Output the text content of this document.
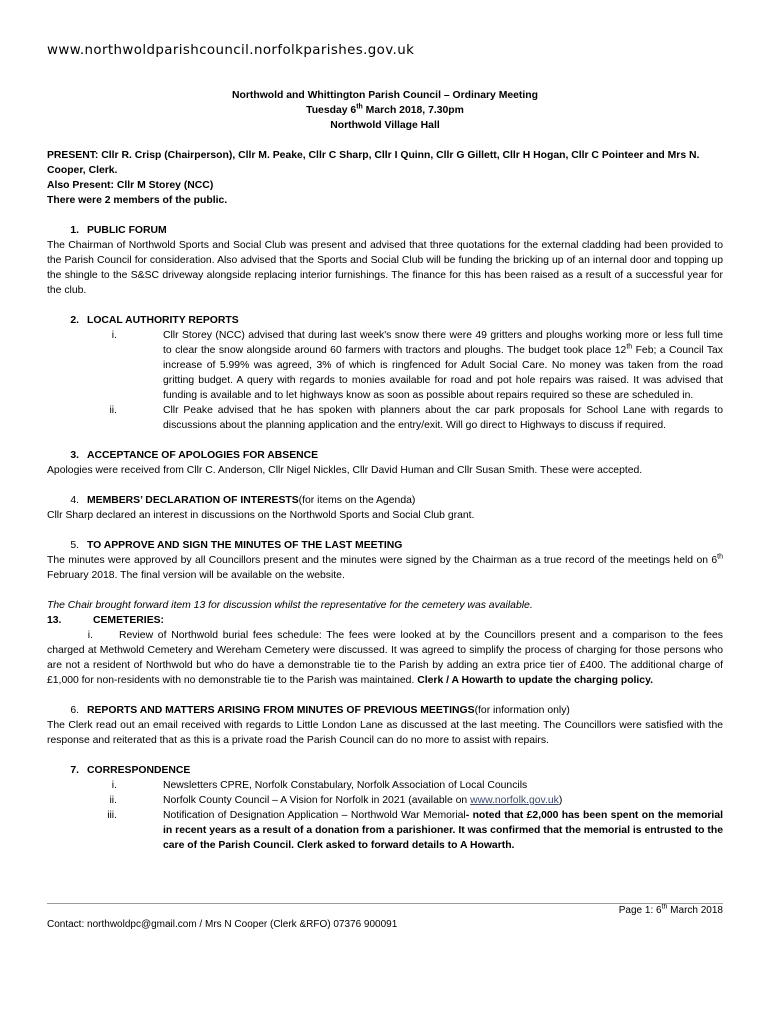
www.northwoldparishcouncil.norfolkparishes.gov.uk

Northwold and Whittington Parish Council – Ordinary Meeting

Tuesday 6th March 2018, 7.30pm

Northwold Village Hall

PRESENT: Cllr R. Crisp (Chairperson), Cllr M. Peake, Cllr C Sharp, Cllr I Quinn, Cllr G Gillett, Cllr H Hogan, Cllr C Pointeer and Mrs N. Cooper, Clerk.

Also Present: Cllr M Storey (NCC)

There were 2 members of the public.

1. PUBLIC FORUM

The Chairman of Northwold Sports and Social Club was present and advised that three quotations for the external cladding had been provided to the Parish Council for consideration. Also advised that the Sports and Social Club will be funding the bricking up of an internal door and topping up the shingle to the S&SC driveway alongside replacing interior furnishings. The finance for this has been raised as a result of a successful year for the club.

2. LOCAL AUTHORITY REPORTS
i.	Cllr Storey (NCC) advised that during last week's snow there were 49 gritters and ploughs working more or less full time to clear the snow alongside around 60 farmers with tractors and ploughs. The budget took place 12th Feb; a Council Tax increase of 5.99% was agreed, 3% of which is ringfenced for Adult Social Care. No money was taken from the road gritting budget. A query with regards to monies available for road and pot hole repairs was raised. It was advised that funding is available and to let highways know as soon as possible about repairs required so these are scheduled in.
ii.	Cllr Peake advised that he has spoken with planners about the car park proposals for School Lane with regards to discussions about the planning application and the entry/exit. Will go direct to Highways to discuss if required.
3. ACCEPTANCE OF APOLOGIES FOR ABSENCE

Apologies were received from Cllr C. Anderson, Cllr Nigel Nickles, Cllr David Human and Cllr Susan Smith. These were accepted.

4. MEMBERS’ DECLARATION OF INTERESTS (for items on the Agenda)

Cllr Sharp declared an interest in discussions on the Northwold Sports and Social Club grant.

5. TO APPROVE AND SIGN THE MINUTES OF THE LAST MEETING

The minutes were approved by all Councillors present and the minutes were signed by the Chairman as a true record of the meetings held on 6th February 2018. The final version will be available on the website.

The Chair brought forward item 13 for discussion whilst the representative for the cemetery was available.

13.	CEMETERIES:

i.	Review of Northwold burial fees schedule: The fees were looked at by the Councillors present and a comparison to the fees charged at Methwold Cemetery and Wereham Cemetery were discussed. It was agreed to simplify the process of charging for those persons who are not a resident of Northwold but who do have a demonstrable tie to the Parish by adding an extra price tier of £400. The additional charge of £1,000 for non-residents with no demonstrable tie to the Parish was maintained. Clerk / A Howarth to update the charging policy.

6. REPORTS AND MATTERS ARISING FROM MINUTES OF PREVIOUS MEETINGS (for information only)

The Clerk read out an email received with regards to Little London Lane as discussed at the last meeting. The Councillors were satisfied with the response and reiterated that as this is a private road the Parish Council can do no more to assist with repairs.

7. CORRESPONDENCE
i.	Newsletters CPRE, Norfolk Constabulary, Norfolk Association of Local Councils
ii.	Norfolk County Council – A Vision for Norfolk in 2021 (available on www.norfolk.gov.uk)
iii.	Notification of Designation Application – Northwold War Memorial- noted that £2,000 has been spent on the memorial in recent years as a result of a donation from a parishioner. It was confirmed that the memorial is entrusted to the care of the Parish Council. Clerk asked to forward details to A Howarth.
Page 1: 6th March 2018
Contact: northwoldpc@gmail.com / Mrs N Cooper (Clerk &RFO) 07376 900091
